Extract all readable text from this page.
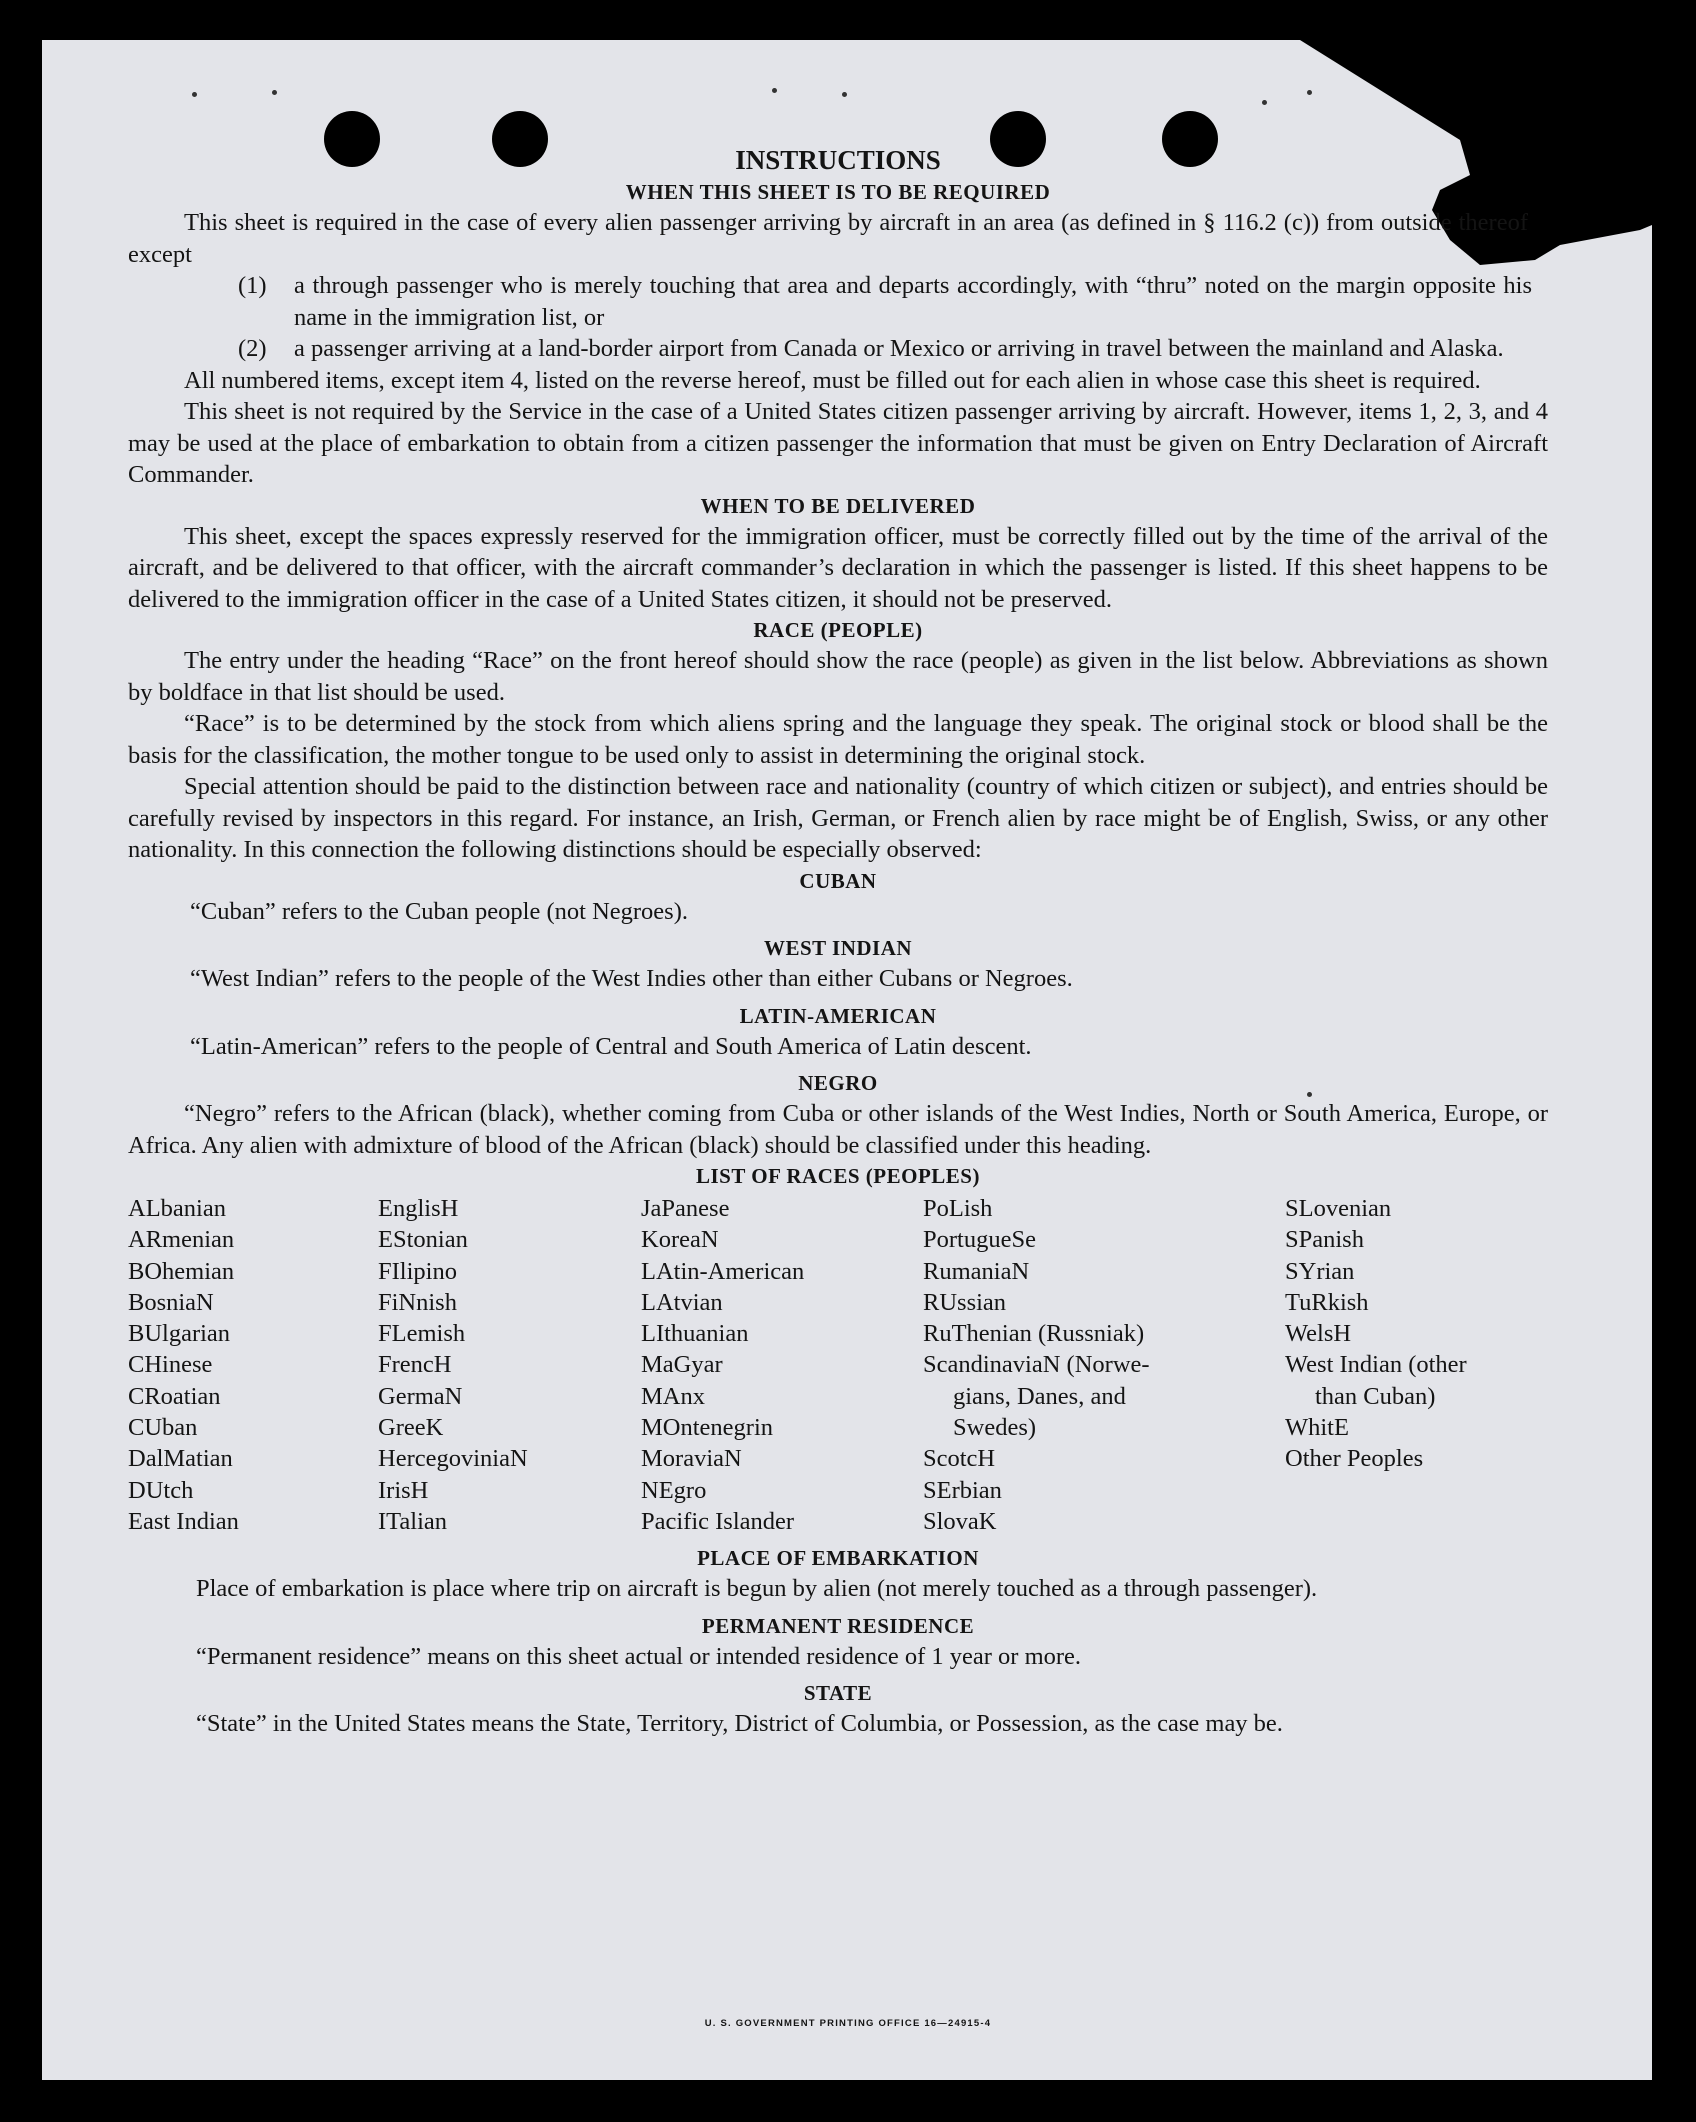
INSTRUCTIONS
WHEN THIS SHEET IS TO BE REQUIRED

This sheet is required in the case of every alien passenger arriving by aircraft in an area (as defined in § 116.2 (c)) from outside thereof except

(1)	a through passenger who is merely touching that area and departs accordingly, with “thru” noted on the margin opposite his name in the immigration list, or
(2)	a passenger arriving at a land-border airport from Canada or Mexico or arriving in travel between the mainland and Alaska.

All numbered items, except item 4, listed on the reverse hereof, must be filled out for each alien in whose case this sheet is required.

This sheet is not required by the Service in the case of a United States citizen passenger arriving by aircraft. However, items 1, 2, 3, and 4 may be used at the place of embarkation to obtain from a citizen passenger the information that must be given on Entry Declaration of Aircraft Commander.

WHEN TO BE DELIVERED

This sheet, except the spaces expressly reserved for the immigration officer, must be correctly filled out by the time of the arrival of the aircraft, and be delivered to that officer, with the aircraft commander’s declaration in which the passenger is listed. If this sheet happens to be delivered to the immigration officer in the case of a United States citizen, it should not be preserved.

RACE (PEOPLE)

The entry under the heading “Race” on the front hereof should show the race (people) as given in the list below. Abbreviations as shown by boldface in that list should be used.

“Race” is to be determined by the stock from which aliens spring and the language they speak. The original stock or blood shall be the basis for the classification, the mother tongue to be used only to assist in determining the original stock.

Special attention should be paid to the distinction between race and nationality (country of which citizen or subject), and entries should be carefully revised by inspectors in this regard. For instance, an Irish, German, or French alien by race might be of English, Swiss, or any other nationality. In this connection the following distinctions should be especially observed:

CUBAN

“Cuban” refers to the Cuban people (not Negroes).

WEST INDIAN

“West Indian” refers to the people of the West Indies other than either Cubans or Negroes.

LATIN-AMERICAN

“Latin-American” refers to the people of Central and South America of Latin descent.

NEGRO

“Negro” refers to the African (black), whether coming from Cuba or other islands of the West Indies, North or South America, Europe, or Africa. Any alien with admixture of blood of the African (black) should be classified under this heading.

LIST OF RACES (PEOPLES)
ALbanian
ARmenian
BOhemian
BosniaN
BUlgarian
CHinese
CRoatian
CUban
DalMatian
DUtch
East Indian
EnglisH
EStonian
FIlipino
FiNnish
FLemish
FrencH
GermaN
GreeK
HercegoviniaN
IrisH
ITalian
JaPanese
KoreaN
LAtin-American
LAtvian
LIthuanian
MaGyar
MAnx
MOntenegrin
MoraviaN
NEgro
Pacific Islander
PoLish
PortugueSe
RumaniaN
RUssian
RuThenian (Russniak)
ScandinaviaN (Norwe-
gians, Danes, and
Swedes)
ScotcH
SErbian
SlovaK
SLovenian
SPanish
SYrian
TuRkish
WelsH
West Indian (other
than Cuban)
WhitE
Other Peoples
PLACE OF EMBARKATION

Place of embarkation is place where trip on aircraft is begun by alien (not merely touched as a through passenger).

PERMANENT RESIDENCE

“Permanent residence” means on this sheet actual or intended residence of 1 year or more.

STATE

“State” in the United States means the State, Territory, District of Columbia, or Possession, as the case may be.

U. S. GOVERNMENT PRINTING OFFICE 16—24915-4
